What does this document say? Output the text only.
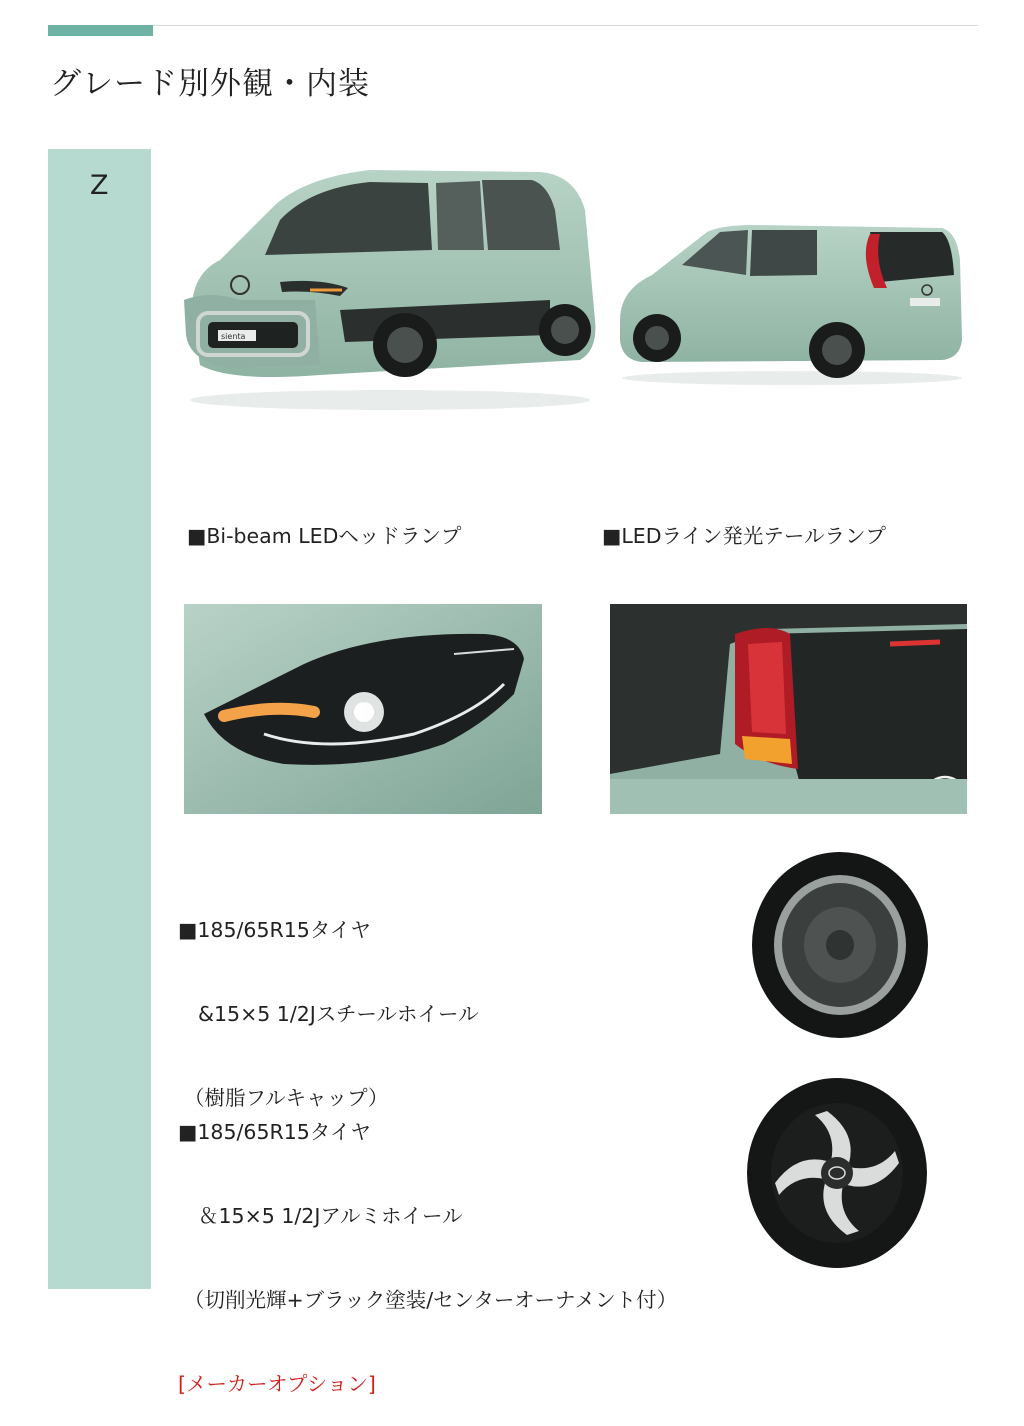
グレード別外観・内装
Z
sienta

■Bi-beam LEDヘッドランプ

	■LEDライン発光テールランプ

■185/65R15タイヤ

&15×5 1/2Jスチールホイール

（樹脂フルキャップ）

■185/65R15タイヤ

＆15×5 1/2Jアルミホイール

（切削光輝+ブラック塗装/センターオーナメント付）

[メーカーオプション]
